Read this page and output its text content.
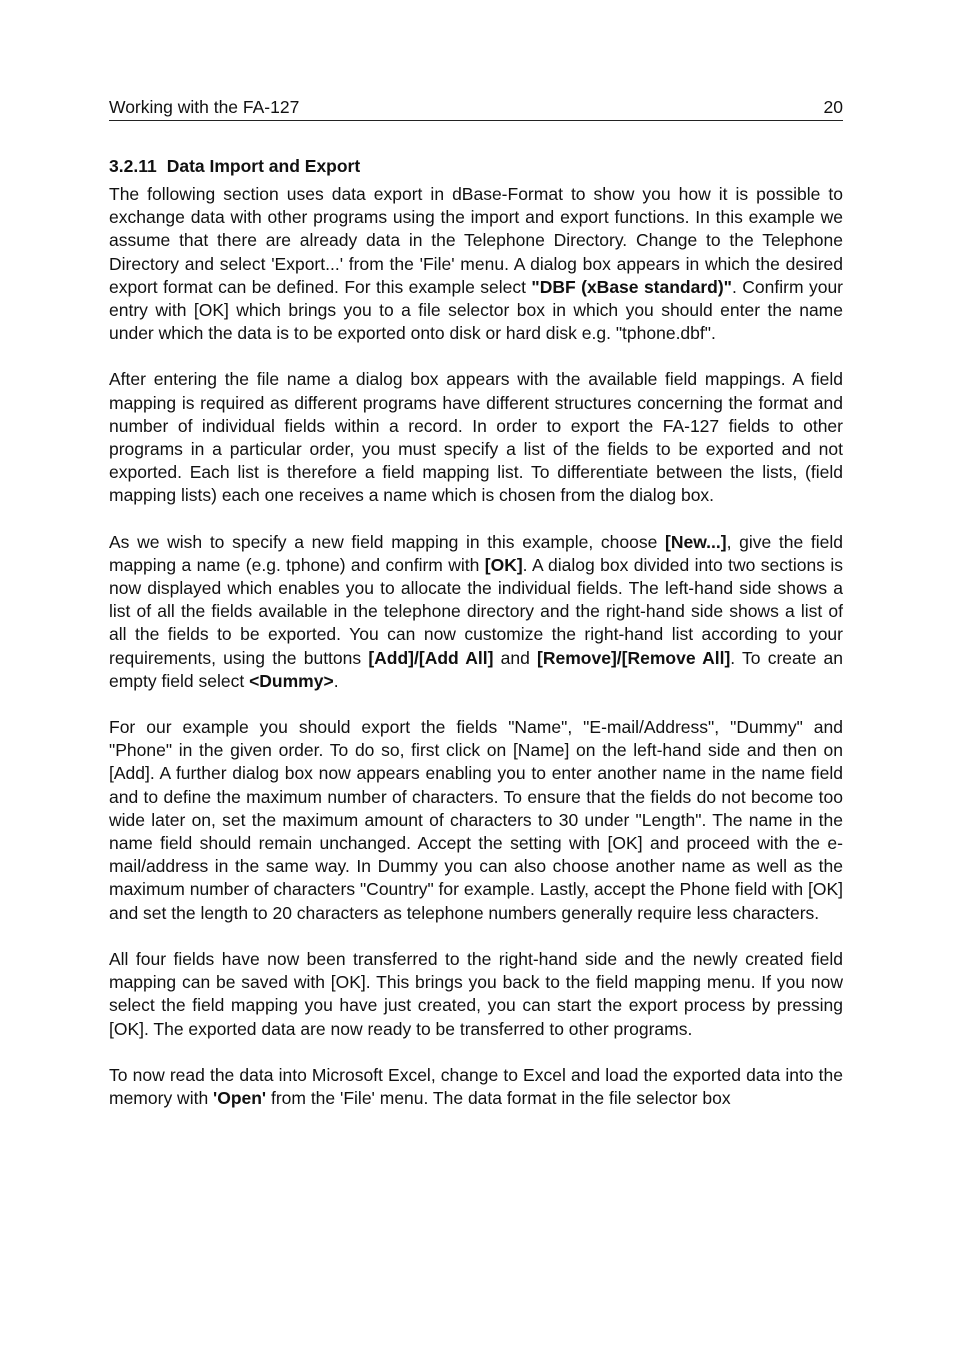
Working with the FA-127	20
3.2.11 Data Import and Export

The following section uses data export in dBase-Format to show you how it is possible to exchange data with other programs using the import and export functions. In this example we assume that there are already data in the Telephone Directory. Change to the Telephone Directory and select 'Export...' from the 'File' menu. A dialog box appears in which the desired export format can be defined. For this example select "DBF (xBase standard)". Confirm your entry with [OK] which brings you to a file selector box in which you should enter the name under which the data is to be exported onto disk or hard disk e.g. "tphone.dbf".

After entering the file name a dialog box appears with the available field mappings. A field mapping is required as different programs have different structures concerning the format and number of individual fields within a record. In order to export the FA-127 fields to other programs in a particular order, you must specify a list of the fields to be exported and not exported. Each list is therefore a field mapping list. To differentiate between the lists, (field mapping lists) each one receives a name which is chosen from the dialog box.

As we wish to specify a new field mapping in this example, choose [New...], give the field mapping a name (e.g. tphone) and confirm with [OK]. A dialog box divided into two sections is now displayed which enables you to allocate the individual fields. The left-hand side shows a list of all the fields available in the telephone directory and the right-hand side shows a list of all the fields to be exported. You can now customize the right-hand list according to your requirements, using the buttons [Add]/[Add All] and [Remove]/[Remove All]. To create an empty field select <Dummy>.

For our example you should export the fields "Name", "E-mail/Address", "Dummy" and "Phone" in the given order. To do so, first click on [Name] on the left-hand side and then on [Add]. A further dialog box now appears enabling you to enter another name in the name field and to define the maximum number of characters. To ensure that the fields do not become too wide later on, set the maximum amount of characters to 30 under "Length". The name in the name field should remain unchanged. Accept the setting with [OK] and proceed with the e-mail/address in the same way. In Dummy you can also choose another name as well as the maximum number of characters "Country" for example. Lastly, accept the Phone field with [OK] and set the length to 20 characters as telephone numbers generally require less characters.

All four fields have now been transferred to the right-hand side and the newly created field mapping can be saved with [OK]. This brings you back to the field mapping menu. If you now select the field mapping you have just created, you can start the export process by pressing [OK]. The exported data are now ready to be transferred to other programs.

To now read the data into Microsoft Excel, change to Excel and load the exported data into the memory with 'Open' from the 'File' menu. The data format in the file selector box
